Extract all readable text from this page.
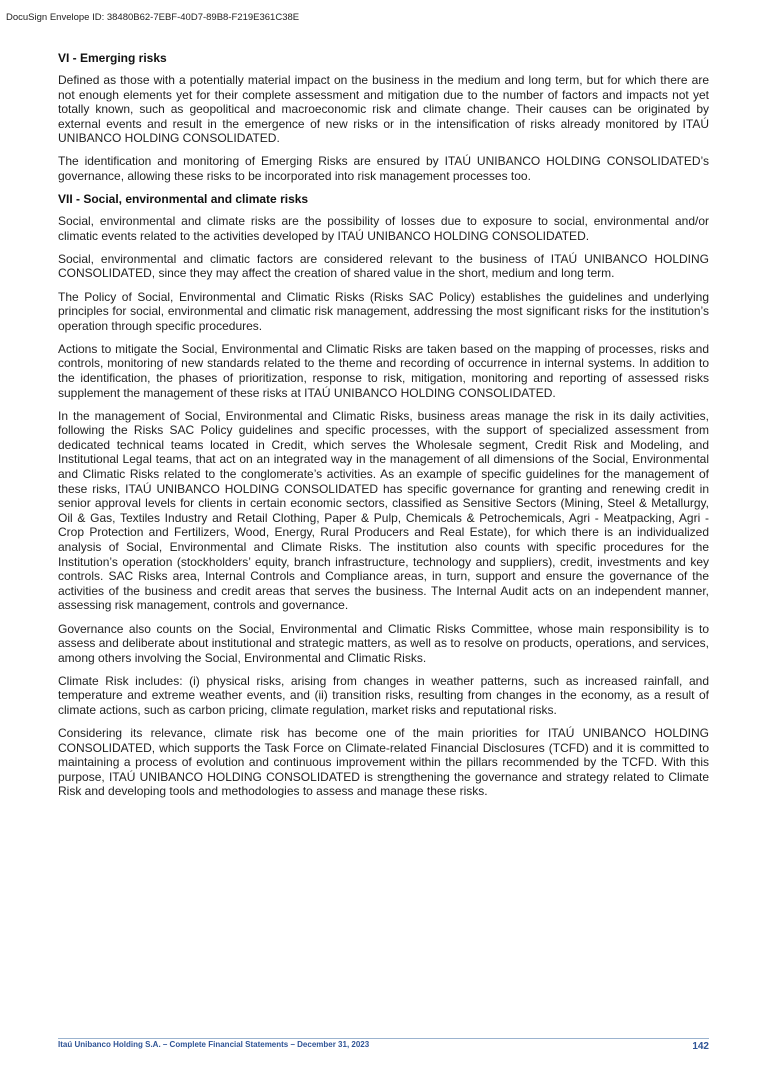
DocuSign Envelope ID: 38480B62-7EBF-40D7-89B8-F219E361C38E
VI - Emerging risks

Defined as those with a potentially material impact on the business in the medium and long term, but for which there are not enough elements yet for their complete assessment and mitigation due to the number of factors and impacts not yet totally known, such as geopolitical and macroeconomic risk and climate change. Their causes can be originated by external events and result in the emergence of new risks or in the intensification of risks already monitored by ITAÚ UNIBANCO HOLDING CONSOLIDATED.

The identification and monitoring of Emerging Risks are ensured by ITAÚ UNIBANCO HOLDING CONSOLIDATED’s governance, allowing these risks to be incorporated into risk management processes too.

VII - Social, environmental and climate risks

Social, environmental and climate risks are the possibility of losses due to exposure to social, environmental and/or climatic events related to the activities developed by ITAÚ UNIBANCO HOLDING CONSOLIDATED.

Social, environmental and climatic factors are considered relevant to the business of ITAÚ UNIBANCO HOLDING CONSOLIDATED, since they may affect the creation of shared value in the short, medium and long term.

The Policy of Social, Environmental and Climatic Risks (Risks SAC Policy) establishes the guidelines and underlying principles for social, environmental and climatic risk management, addressing the most significant risks for the institution’s operation through specific procedures.

Actions to mitigate the Social, Environmental and Climatic Risks are taken based on the mapping of processes, risks and controls, monitoring of new standards related to the theme and recording of occurrence in internal systems. In addition to the identification, the phases of prioritization, response to risk, mitigation, monitoring and reporting of assessed risks supplement the management of these risks at ITAÚ UNIBANCO HOLDING CONSOLIDATED.

In the management of Social, Environmental and Climatic Risks, business areas manage the risk in its daily activities, following the Risks SAC Policy guidelines and specific processes, with the support of specialized assessment from dedicated technical teams located in Credit, which serves the Wholesale segment, Credit Risk and Modeling, and Institutional Legal teams, that act on an integrated way in the management of all dimensions of the Social, Environmental and Climatic Risks related to the conglomerate’s activities. As an example of specific guidelines for the management of these risks, ITAÚ UNIBANCO HOLDING CONSOLIDATED has specific governance for granting and renewing credit in senior approval levels for clients in certain economic sectors, classified as Sensitive Sectors (Mining, Steel & Metallurgy, Oil & Gas, Textiles Industry and Retail Clothing, Paper & Pulp, Chemicals & Petrochemicals, Agri - Meatpacking, Agri - Crop Protection and Fertilizers, Wood, Energy, Rural Producers and Real Estate), for which there is an individualized analysis of Social, Environmental and Climate Risks. The institution also counts with specific procedures for the Institution’s operation (stockholders’ equity, branch infrastructure, technology and suppliers), credit, investments and key controls. SAC Risks area, Internal Controls and Compliance areas, in turn, support and ensure the governance of the activities of the business and credit areas that serves the business. The Internal Audit acts on an independent manner, assessing risk management, controls and governance.

Governance also counts on the Social, Environmental and Climatic Risks Committee, whose main responsibility is to assess and deliberate about institutional and strategic matters, as well as to resolve on products, operations, and services, among others involving the Social, Environmental and Climatic Risks.

Climate Risk includes: (i) physical risks, arising from changes in weather patterns, such as increased rainfall, and temperature and extreme weather events, and (ii) transition risks, resulting from changes in the economy, as a result of climate actions, such as carbon pricing, climate regulation, market risks and reputational risks.

Considering its relevance, climate risk has become one of the main priorities for ITAÚ UNIBANCO HOLDING CONSOLIDATED, which supports the Task Force on Climate-related Financial Disclosures (TCFD) and it is committed to maintaining a process of evolution and continuous improvement within the pillars recommended by the TCFD. With this purpose, ITAÚ UNIBANCO HOLDING CONSOLIDATED is strengthening the governance and strategy related to Climate Risk and developing tools and methodologies to assess and manage these risks.

Itaú Unibanco Holding S.A. – Complete Financial Statements – December 31, 2023	142
